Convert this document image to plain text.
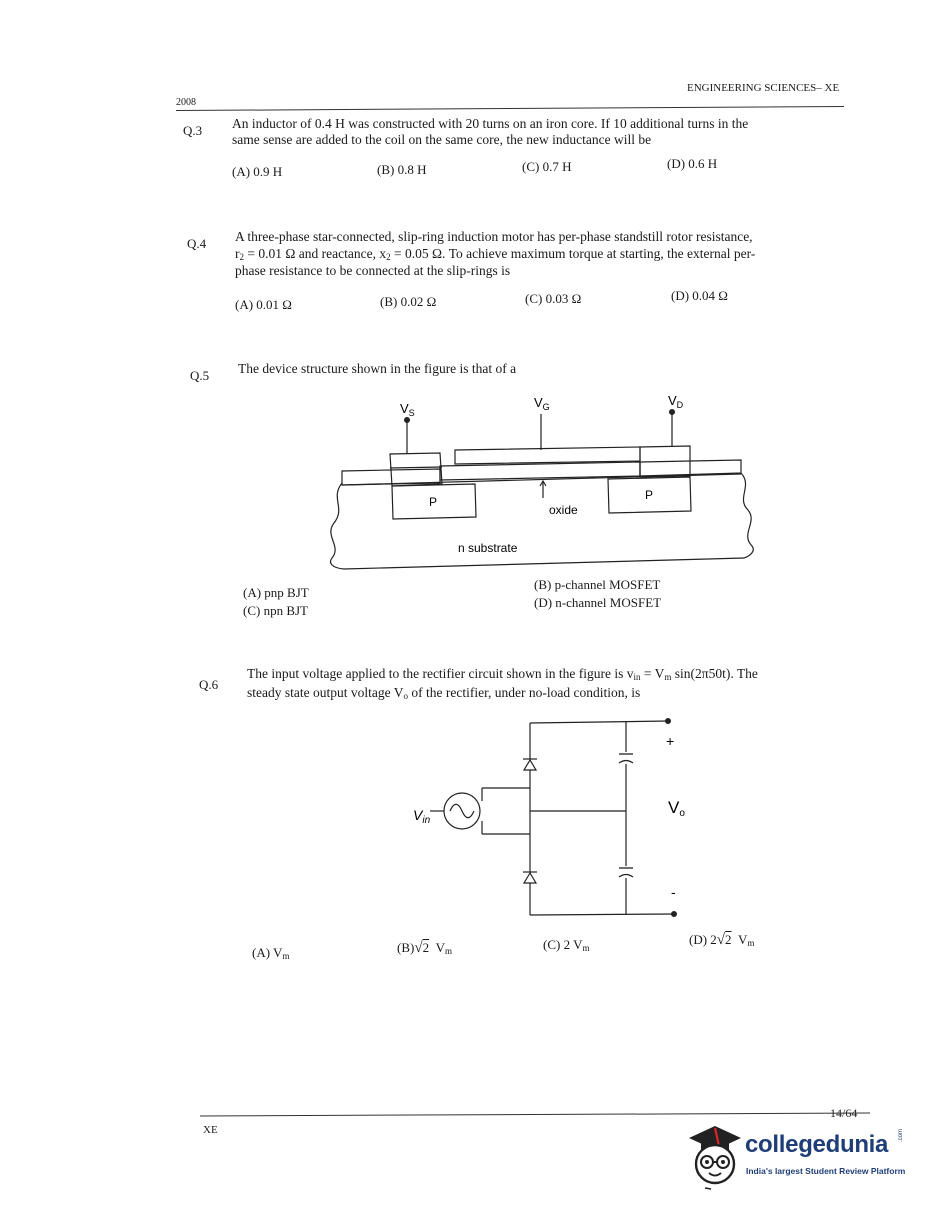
ENGINEERING SCIENCES– XE
2008
Q.3 An inductor of 0.4 H was constructed with 20 turns on an iron core. If 10 additional turns in the
same sense are added to the coil on the same core, the new inductance will be
(A) 0.9 H	(B) 0.8 H	(C) 0.7 H	(D) 0.6 H
Q.4 A three-phase star-connected, slip-ring induction motor has per-phase standstill rotor resistance,
$r_2 = 0.01$ Ω and reactance, $x_2 = 0.05$ Ω. To achieve maximum torque at starting, the external per-
phase resistance to be connected at the slip-rings is
(A) 0.01 Ω	(B) 0.02 Ω	(C) 0.03 Ω	(D) 0.04 Ω
Q.5 The device structure shown in the figure is that of a
$V_S$
$V_G$	$V_D$
P	P
oxide
n substrate
(A) pnp BJT
(C) npn BJT
(B) p-channel MOSFET
(D) n-channel MOSFET
Q.6
The input voltage applied to the rectifier circuit shown in the figure is $v_{in} = V_m$ sin(2π50t). The
steady state output voltage $V_o$ of the rectifier, under no-load condition, is
+
-
Vo
$V_{in}$
(A) $V_m$
(B)√2 $V_m$	(C) 2 $V_m$
(D) 2√2 $V_m$
14/64
XE
collegedunia .com
India's largest Student Review Platform
